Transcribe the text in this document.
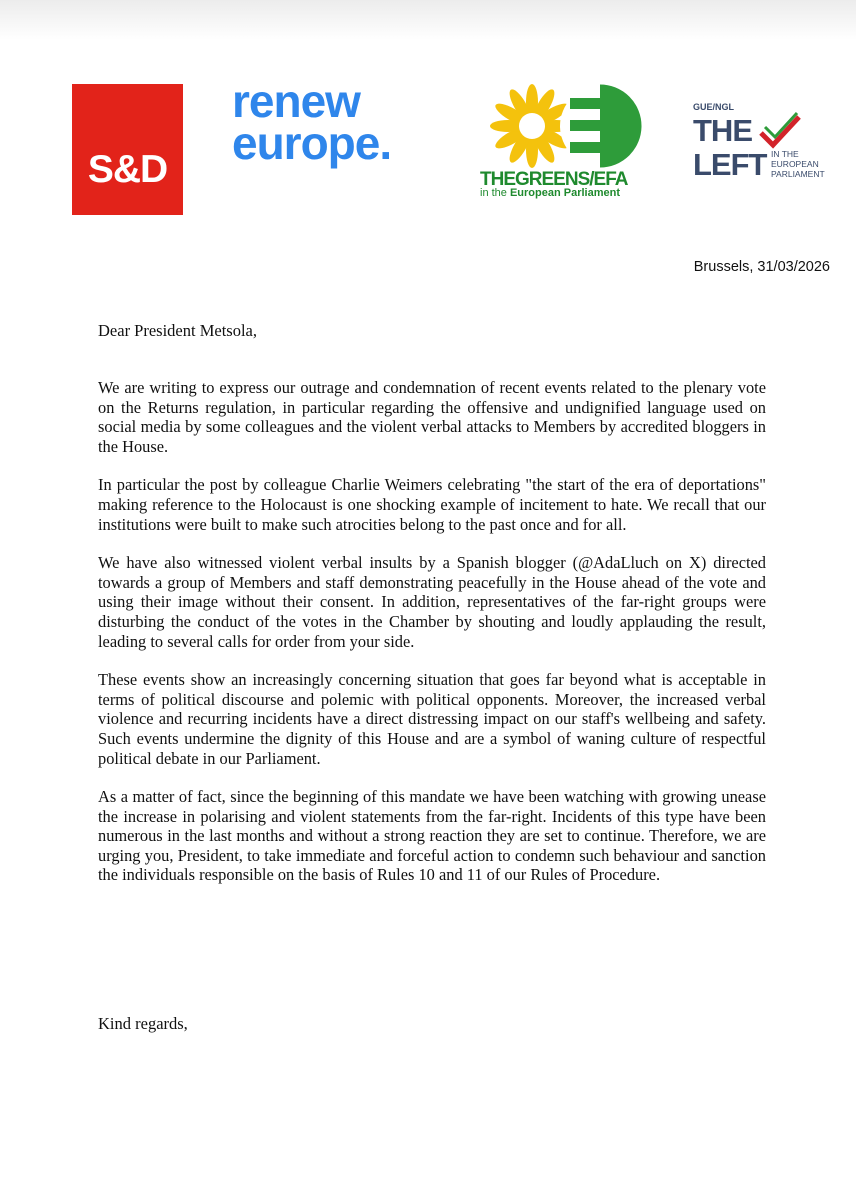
S&D
renew
europe.
THEGREENS/EFA
in the European Parliament
GUE/NGL
THE
LEFT IN THE
EUROPEAN
PARLIAMENT
Brussels, 31/03/2026
Dear President Metsola,

We are writing to express our outrage and condemnation of recent events related to the plenary vote on the Returns regulation, in particular regarding the offensive and undignified language used on social media by some colleagues and the violent verbal attacks to Members by accredited bloggers in the House.

In particular the post by colleague Charlie Weimers celebrating "the start of the era of deportations" making reference to the Holocaust is one shocking example of incitement to hate. We recall that our institutions were built to make such atrocities belong to the past once and for all.

We have also witnessed violent verbal insults by a Spanish blogger (@AdaLluch on X) directed towards a group of Members and staff demonstrating peacefully in the House ahead of the vote and using their image without their consent. In addition, representatives of the far-right groups were disturbing the conduct of the votes in the Chamber by shouting and loudly applauding the result, leading to several calls for order from your side.

These events show an increasingly concerning situation that goes far beyond what is acceptable in terms of political discourse and polemic with political opponents. Moreover, the increased verbal violence and recurring incidents have a direct distressing impact on our staff's wellbeing and safety. Such events undermine the dignity of this House and are a symbol of waning culture of respectful political debate in our Parliament.

As a matter of fact, since the beginning of this mandate we have been watching with growing unease the increase in polarising and violent statements from the far-right. Incidents of this type have been numerous in the last months and without a strong reaction they are set to continue. Therefore, we are urging you, President, to take immediate and forceful action to condemn such behaviour and sanction the individuals responsible on the basis of Rules 10 and 11 of our Rules of Procedure.

Kind regards,
